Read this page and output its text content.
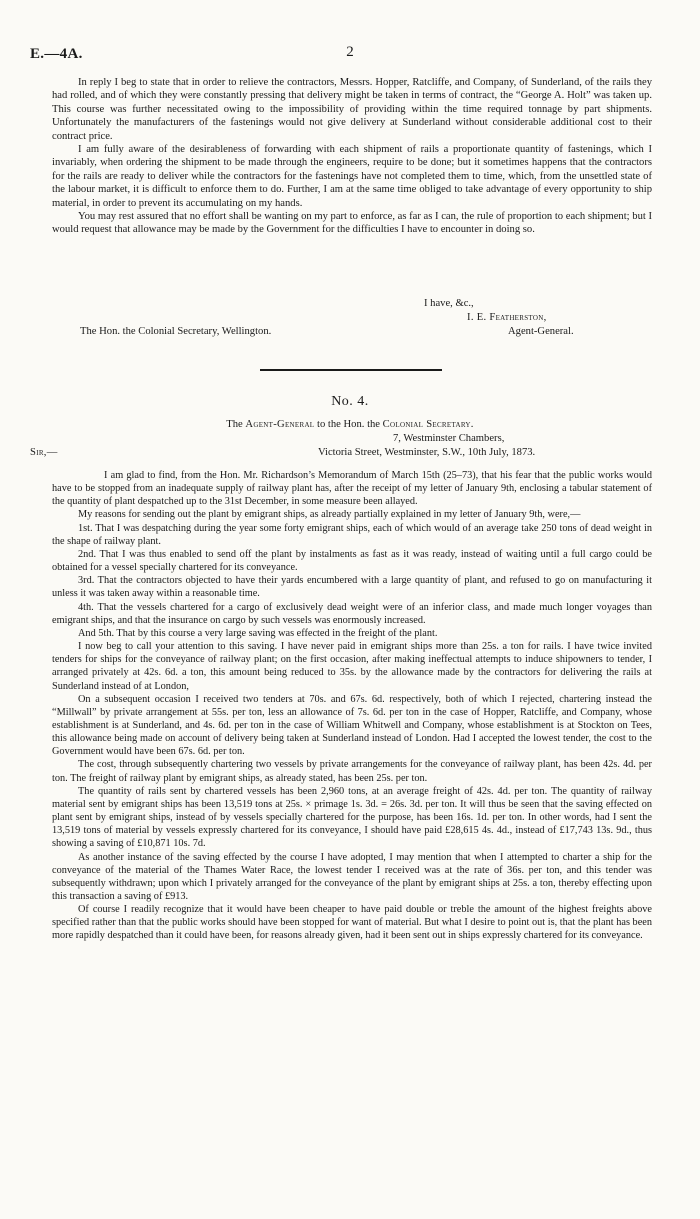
E.—4A.	2

In reply I beg to state that in order to relieve the contractors, Messrs. Hopper, Ratcliffe, and Company, of Sunderland, of the rails they had rolled, and of which they were constantly pressing that delivery might be taken in terms of contract, the “George A. Holt” was taken up. This course was further necessitated owing to the impossibility of providing within the time required tonnage by part shipments. Unfortunately the manufacturers of the fastenings would not give delivery at Sunderland without considerable additional cost to their contract price.

I am fully aware of the desirableness of forwarding with each shipment of rails a proportionate quantity of fastenings, which I invariably, when ordering the shipment to be made through the engineers, require to be done; but it sometimes happens that the contractors for the rails are ready to deliver while the contractors for the fastenings have not completed them to time, which, from the unsettled state of the labour market, it is difficult to enforce them to do. Further, I am at the same time obliged to take advantage of every opportunity to ship material, in order to prevent its accumulating on my hands.

You may rest assured that no effort shall be wanting on my part to enforce, as far as I can, the rule of proportion to each shipment; but I would request that allowance may be made by the Government for the difficulties I have to encounter in doing so.

I have, &c.,
I. E. Featherston,
The Hon. the Colonial Secretary, Wellington.	Agent-General.
No. 4.
The Agent-General to the Hon. the Colonial Secretary.
7, Westminster Chambers,
Sir,—	Victoria Street, Westminster, S.W., 10th July, 1873.

I am glad to find, from the Hon. Mr. Richardson’s Memorandum of March 15th (25–73), that his fear that the public works would have to be stopped from an inadequate supply of railway plant has, after the receipt of my letter of January 9th, enclosing a tabular statement of the quantity of plant despatched up to the 31st December, in some measure been allayed.

My reasons for sending out the plant by emigrant ships, as already partially explained in my letter of January 9th, were,—

1st. That I was despatching during the year some forty emigrant ships, each of which would of an average take 250 tons of dead weight in the shape of railway plant.

2nd. That I was thus enabled to send off the plant by instalments as fast as it was ready, instead of waiting until a full cargo could be obtained for a vessel specially chartered for its conveyance.

3rd. That the contractors objected to have their yards encumbered with a large quantity of plant, and refused to go on manufacturing it unless it was taken away within a reasonable time.

4th. That the vessels chartered for a cargo of exclusively dead weight were of an inferior class, and made much longer voyages than emigrant ships, and that the insurance on cargo by such vessels was enormously increased.

And 5th. That by this course a very large saving was effected in the freight of the plant.

I now beg to call your attention to this saving. I have never paid in emigrant ships more than 25s. a ton for rails. I have twice invited tenders for ships for the conveyance of railway plant; on the first occasion, after making ineffectual attempts to induce shipowners to tender, I arranged privately at 42s. 6d. a ton, this amount being reduced to 35s. by the allowance made by the contractors for delivering the rails at Sunderland instead of at London,

On a subsequent occasion I received two tenders at 70s. and 67s. 6d. respectively, both of which I rejected, chartering instead the “Millwall” by private arrangement at 55s. per ton, less an allowance of 7s. 6d. per ton in the case of Hopper, Ratcliffe, and Company, whose establishment is at Sunderland, and 4s. 6d. per ton in the case of William Whitwell and Company, whose establishment is at Stockton on Tees, this allowance being made on account of delivery being taken at Sunderland instead of London. Had I accepted the lowest tender, the cost to the Government would have been 67s. 6d. per ton.

The cost, through subsequently chartering two vessels by private arrangements for the conveyance of railway plant, has been 42s. 4d. per ton. The freight of railway plant by emigrant ships, as already stated, has been 25s. per ton.

The quantity of rails sent by chartered vessels has been 2,960 tons, at an average freight of 42s. 4d. per ton. The quantity of railway material sent by emigrant ships has been 13,519 tons at 25s. × primage 1s. 3d. = 26s. 3d. per ton. It will thus be seen that the saving effected on plant sent by emigrant ships, instead of by vessels specially chartered for the purpose, has been 16s. 1d. per ton. In other words, had I sent the 13,519 tons of material by vessels expressly chartered for its conveyance, I should have paid £28,615 4s. 4d., instead of £17,743 13s. 9d., thus showing a saving of £10,871 10s. 7d.

As another instance of the saving effected by the course I have adopted, I may mention that when I attempted to charter a ship for the conveyance of the material of the Thames Water Race, the lowest tender I received was at the rate of 36s. per ton, and this tender was subsequently withdrawn; upon which I privately arranged for the conveyance of the plant by emigrant ships at 25s. a ton, thereby effecting upon this transaction a saving of £913.

Of course I readily recognize that it would have been cheaper to have paid double or treble the amount of the highest freights above specified rather than that the public works should have been stopped for want of material. But what I desire to point out is, that the plant has been more rapidly despatched than it could have been, for reasons already given, had it been sent out in ships expressly chartered for its conveyance.
